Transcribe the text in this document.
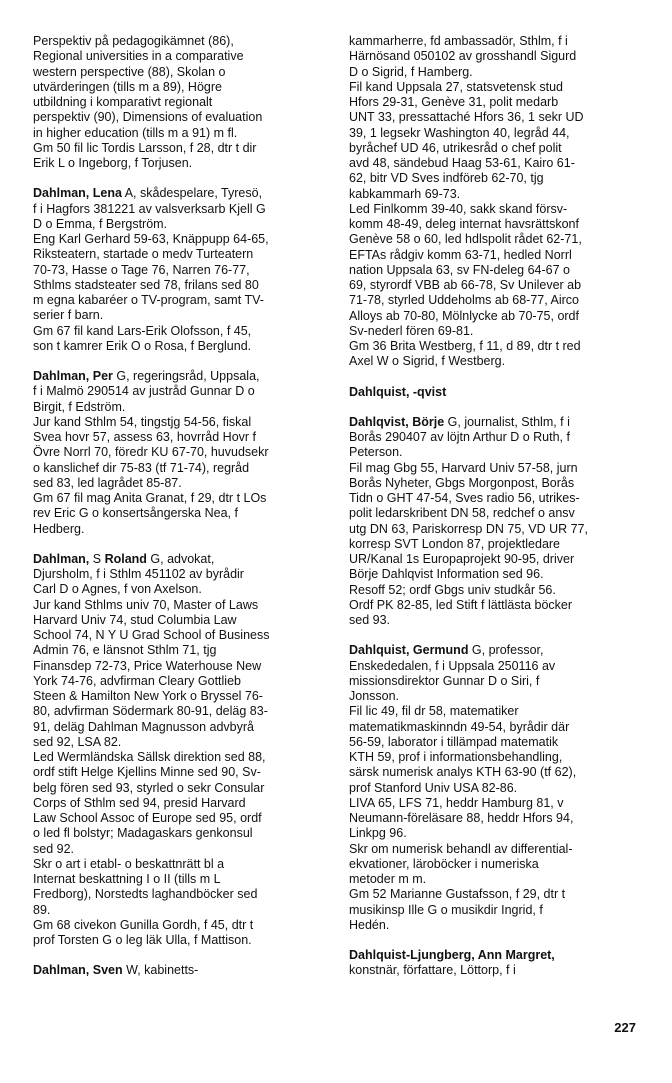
Perspektiv på pedagogikämnet (86),
Regional universities in a comparative
western perspective (88), Skolan o
utvärderingen (tills m a 89), Högre
utbildning i komparativt regionalt
perspektiv (90), Dimensions of evaluation
in higher education (tills m a 91) m fl.
Gm 50 fil lic Tordis Larsson, f 28, dtr t dir
Erik L o Ingeborg, f Torjusen.
Dahlman, Lena A, skådespelare, Tyresö,
f i Hagfors 381221 av valsverksarb Kjell G
D o Emma, f Bergström.
Eng Karl Gerhard 59-63, Knäppupp 64-65,
Riksteatern, startade o medv Turteatern
70-73, Hasse o Tage 76, Narren 76-77,
Sthlms stadsteater sed 78, frilans sed 80
m egna kabaréer o TV-program, samt TV-
serier f barn.
Gm 67 fil kand Lars-Erik Olofsson, f 45,
son t kamrer Erik O o Rosa, f Berglund.
Dahlman, Per G, regeringsråd, Uppsala,
f i Malmö 290514 av justråd Gunnar D o
Birgit, f Edström.
Jur kand Sthlm 54, tingstjg 54-56, fiskal
Svea hovr 57, assess 63, hovrråd Hovr f
Övre Norrl 70, föredr KU 67-70, huvudsekr
o kanslichef dir 75-83 (tf 71-74), regråd
sed 83, led lagrådet 85-87.
Gm 67 fil mag Anita Granat, f 29, dtr t LOs
rev Eric G o konsertsångerska Nea, f
Hedberg.
Dahlman, S Roland G, advokat,
Djursholm, f i Sthlm 451102 av byrådir
Carl D o Agnes, f von Axelson.
Jur kand Sthlms univ 70, Master of Laws
Harvard Univ 74, stud Columbia Law
School 74, N Y U Grad School of Business
Admin 76, e länsnot Sthlm 71, tjg
Finansdep 72-73, Price Waterhouse New
York 74-76, advfirman Cleary Gottlieb
Steen & Hamilton New York o Bryssel 76-
80, advfirman Södermark 80-91, deläg 83-
91, deläg Dahlman Magnusson advbyrå
sed 92, LSA 82.
Led Wermländska Sällsk direktion sed 88,
ordf stift Helge Kjellins Minne sed 90, Sv-
belg fören sed 93, styrled o sekr Consular
Corps of Sthlm sed 94, presid Harvard
Law School Assoc of Europe sed 95, ordf
o led fl bolstyr; Madagaskars genkonsul
sed 92.
Skr o art i etabl- o beskattnrätt bl a
Internat beskattning I o II (tills m L
Fredborg), Norstedts laghandböcker sed
89.
Gm 68 civekon Gunilla Gordh, f 45, dtr t
prof Torsten G o leg läk Ulla, f Mattison.
Dahlman, Sven W, kabinetts-
kammarherre, fd ambassadör, Sthlm, f i
Härnösand 050102 av grosshandl Sigurd
D o Sigrid, f Hamberg.
Fil kand Uppsala 27, statsvetensk stud
Hfors 29-31, Genève 31, polit medarb
UNT 33, pressattaché Hfors 36, 1 sekr UD
39, 1 legsekr Washington 40, legråd 44,
byråchef UD 46, utrikesråd o chef polit
avd 48, sändebud Haag 53-61, Kairo 61-
62, bitr VD Sves indföreb 62-70, tjg
kabkammarh 69-73.
Led Finlkomm 39-40, sakk skand försv-
komm 48-49, deleg internat havsrättskonf
Genève 58 o 60, led hdlspolit rådet 62-71,
EFTAs rådgiv komm 63-71, hedled Norrl
nation Uppsala 63, sv FN-deleg 64-67 o
69, styrordf VBB ab 66-78, Sv Unilever ab
71-78, styrled Uddeholms ab 68-77, Airco
Alloys ab 70-80, Mölnlycke ab 70-75, ordf
Sv-nederl fören 69-81.
Gm 36 Brita Westberg, f 11, d 89, dtr t red
Axel W o Sigrid, f Westberg.
Dahlquist, -qvist
Dahlqvist, Börje G, journalist, Sthlm, f i
Borås 290407 av löjtn Arthur D o Ruth, f
Peterson.
Fil mag Gbg 55, Harvard Univ 57-58, jurn
Borås Nyheter, Gbgs Morgonpost, Borås
Tidn o GHT 47-54, Sves radio 56, utrikes-
polit ledarskribent DN 58, redchef o ansv
utg DN 63, Pariskorresp DN 75, VD UR 77,
korresp SVT London 87, projektledare
UR/Kanal 1s Europaprojekt 90-95, driver
Börje Dahlqvist Information sed 96.
Resoff 52; ordf Gbgs univ studkår 56.
Ordf PK 82-85, led Stift f lättlästa böcker
sed 93.
Dahlquist, Germund G, professor,
Enskededalen, f i Uppsala 250116 av
missionsdirektor Gunnar D o Siri, f
Jonsson.
Fil lic 49, fil dr 58, matematiker
matematikmaskinndn 49-54, byrådir där
56-59, laborator i tillämpad matematik
KTH 59, prof i informationsbehandling,
särsk numerisk analys KTH 63-90 (tf 62),
prof Stanford Univ USA 82-86.
LIVA 65, LFS 71, heddr Hamburg 81, v
Neumann-föreläsare 88, heddr Hfors 94,
Linkpg 96.
Skr om numerisk behandl av differential-
ekvationer, läroböcker i numeriska
metoder m m.
Gm 52 Marianne Gustafsson, f 29, dtr t
musikinsp Ille G o musikdir Ingrid, f
Hedén.
Dahlquist-Ljungberg, Ann Margret,
konstnär, författare, Löttorp, f i
227
